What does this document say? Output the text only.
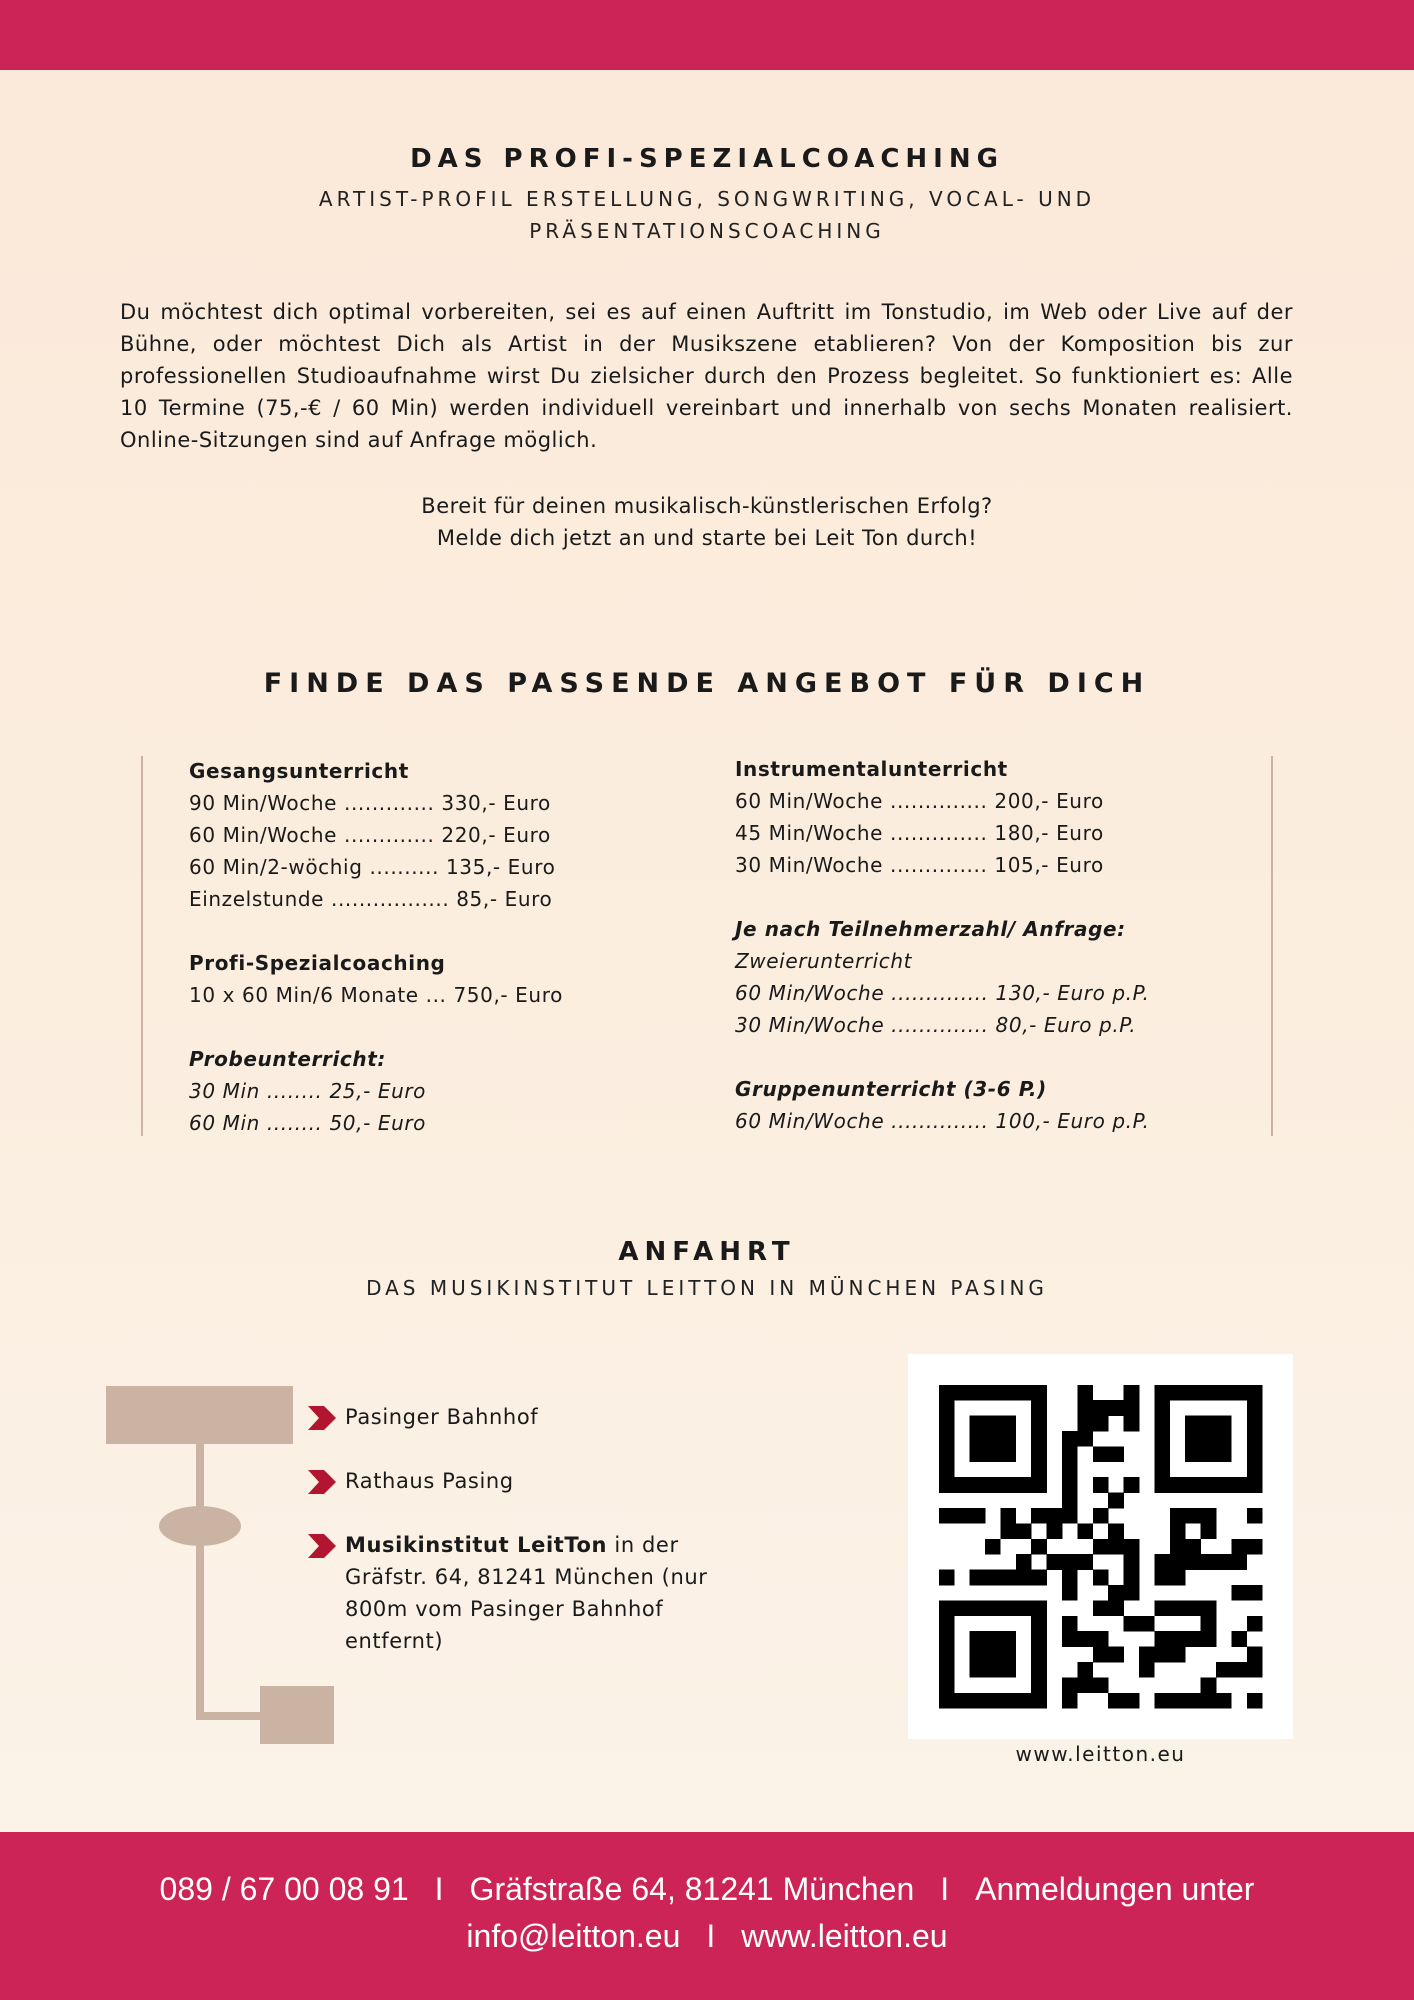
DAS PROFI-SPEZIALCOACHING
ARTIST-PROFIL ERSTELLUNG, SONGWRITING, VOCAL- UND
PRÄSENTATIONSCOACHING
Du möchtest dich optimal vorbereiten, sei es auf einen Auftritt im Tonstudio, im Web oder Live auf der Bühne, oder möchtest Dich als Artist in der Musikszene etablieren? Von der Komposition bis zur professionellen Studioaufnahme wirst Du zielsicher durch den Prozess begleitet. So funktioniert es: Alle 10 Termine (75,-€ / 60 Min) werden individuell vereinbart und innerhalb von sechs Monaten realisiert. Online-Sitzungen sind auf Anfrage möglich.
Bereit für deinen musikalisch-künstlerischen Erfolg?
Melde dich jetzt an und starte bei Leit Ton durch!
FINDE DAS PASSENDE ANGEBOT FÜR DICH
Gesangsunterricht
90 Min/Woche ............. 330,- Euro
60 Min/Woche ............. 220,- Euro
60 Min/2-wöchig .......... 135,- Euro
Einzelstunde ................. 85,- Euro
Profi-Spezialcoaching
10 x 60 Min/6 Monate ... 750,- Euro
Probeunterricht:
30 Min ........ 25,- Euro
60 Min ........ 50,- Euro
Instrumentalunterricht
60 Min/Woche .............. 200,- Euro
45 Min/Woche .............. 180,- Euro
30 Min/Woche .............. 105,- Euro
Je nach Teilnehmerzahl/ Anfrage:
Zweierunterricht
60 Min/Woche .............. 130,- Euro p.P.
30 Min/Woche .............. 80,- Euro p.P.
Gruppenunterricht (3-6 P.)
60 Min/Woche .............. 100,- Euro p.P.
ANFAHRT
DAS MUSIKINSTITUT LEITTON IN MÜNCHEN PASING
Pasinger Bahnhof
Rathaus Pasing
Musikinstitut LeitTon in der
Gräfstr. 64, 81241 München (nur
800m vom Pasinger Bahnhof
entfernt)
www.leitton.eu
089 / 67 00 08 91 I Gräfstraße 64, 81241 München I Anmeldungen unter
info@leitton.eu I www.leitton.eu
